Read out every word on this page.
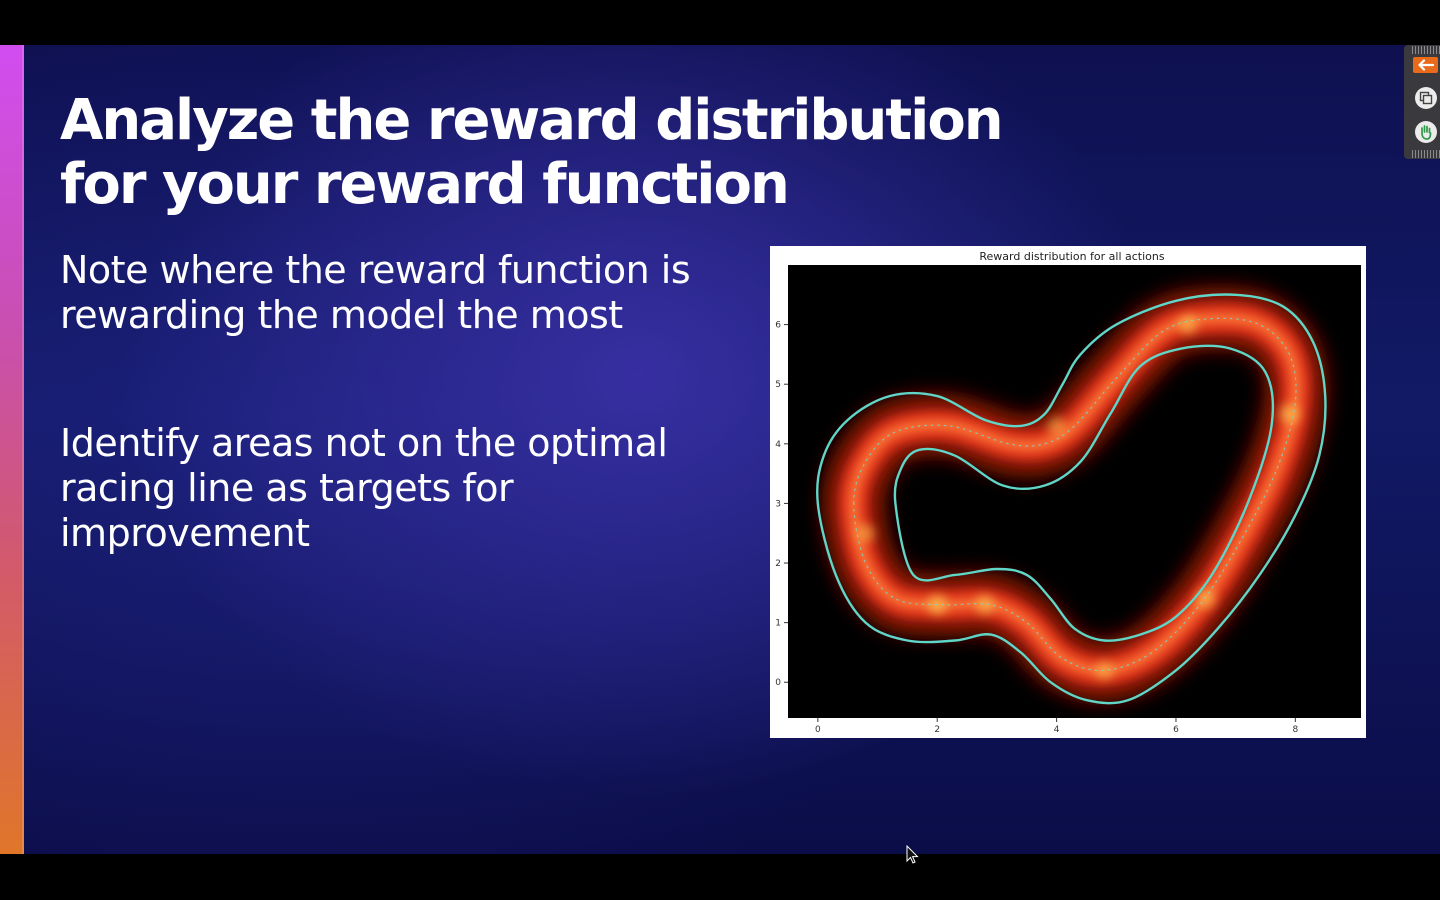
Analyze the reward distribution
for your reward function
Note where the reward function is
rewarding the model the most
Identify areas not on the optimal
racing line as targets for
improvement
Reward distribution for all actions
0	2	4	6	8
0
1
2
3
4
5
6
